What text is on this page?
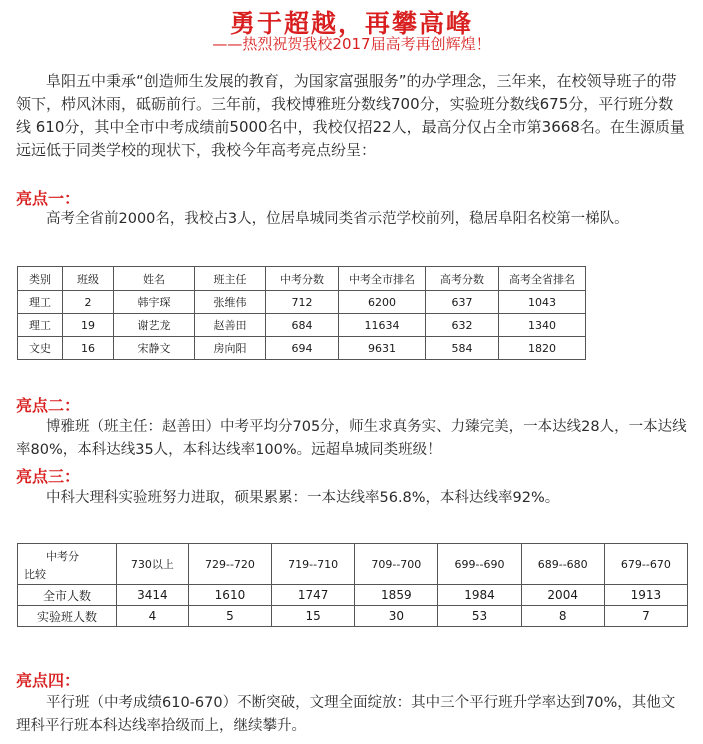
勇于超越，再攀高峰
——热烈祝贺我校2017届高考再创辉煌！
阜阳五中秉承“创造师生发展的教育，为国家富强服务”的办学理念，三年来，在校领导班子的带领下，栉风沐雨，砥砺前行。三年前，我校博雅班分数线700分，实验班分数线675分，平行班分数线 610分，其中全市中考成绩前5000名中，我校仅招22人，最高分仅占全市第3668名。在生源质量远远低于同类学校的现状下，我校今年高考亮点纷呈：
亮点一：
高考全省前2000名，我校占3人，位居阜城同类省示范学校前列，稳居阜阳名校第一梯队。
类别	班级	姓名	班主任	中考分数	中考全市排名	高考分数	高考全省排名
理工	2	韩宇琛	张维伟	712	6200	637	1043
理工	19	谢艺龙	赵善田	684	11634	632	1340
文史	16	宋静文	房向阳	694	9631	584	1820
亮点二：
博雅班（班主任：赵善田）中考平均分705分，师生求真务实、力臻完美，一本达线28人，一本达线率80%，本科达线35人，本科达线率100%。远超阜城同类班级！
亮点三：
中科大理科实验班努力进取，硕果累累：一本达线率56.8%，本科达线率92%。
中考分
比较	730以上	729--720	719--710	709--700	699--690	689--680	679--670
全市人数	3414	1610	1747	1859	1984	2004	1913
实验班人数	4	5	15	30	53	8	7
亮点四：
平行班（中考成绩610-670）不断突破，文理全面绽放：其中三个平行班升学率达到70%，其他文理科平行班本科达线率拾级而上，继续攀升。
